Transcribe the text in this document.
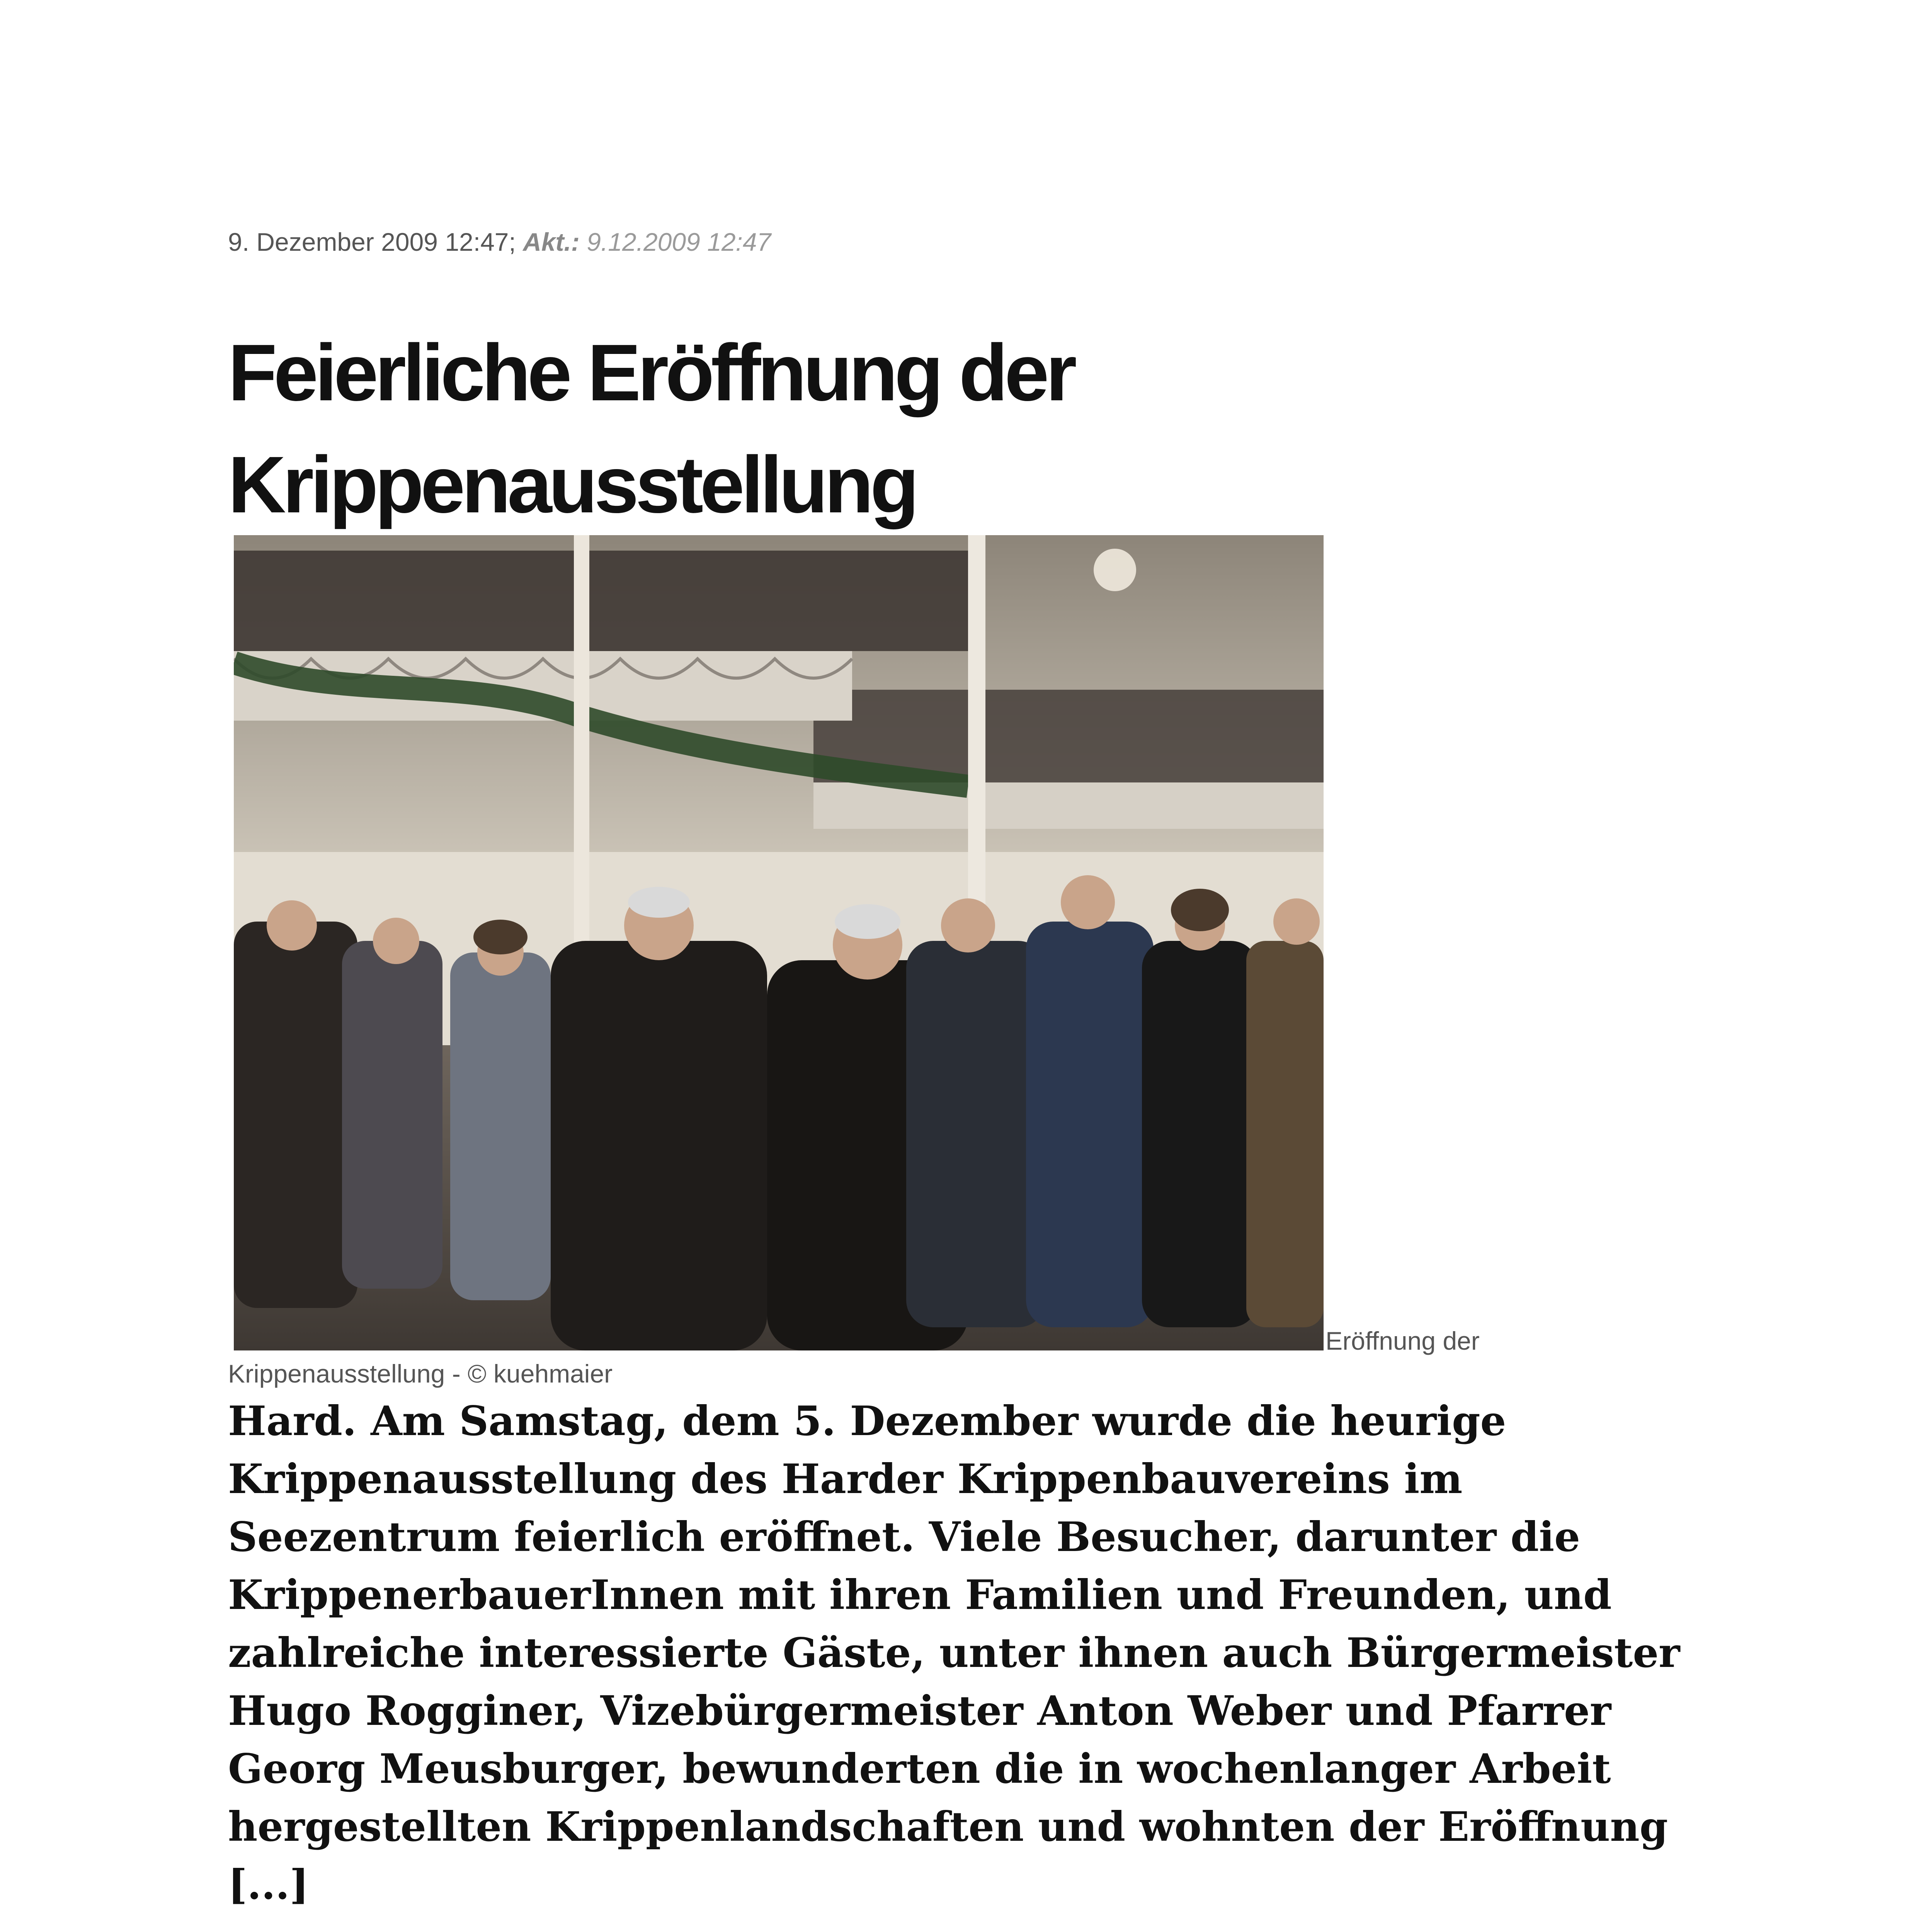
9. Dezember 2009 12:47; Akt.: 9.12.2009 12:47
Feierliche Eröffnung der
Krippenausstellung
Eröffnung der
Krippenausstellung - © kuehmaier

Hard. Am Samstag, dem 5. Dezember wurde die heurige
Krippenausstellung des Harder Krippenbauvereins im
Seezentrum feierlich eröffnet. Viele Besucher, darunter die
KrippenerbauerInnen mit ihren Familien und Freunden, und
zahlreiche interessierte Gäste, unter ihnen auch Bürgermeister
Hugo Rogginer, Vizebürgermeister Anton Weber und Pfarrer
Georg Meusburger, bewunderten die in wochenlanger Arbeit
hergestellten Krippenlandschaften und wohnten der Eröffnung
[...]
